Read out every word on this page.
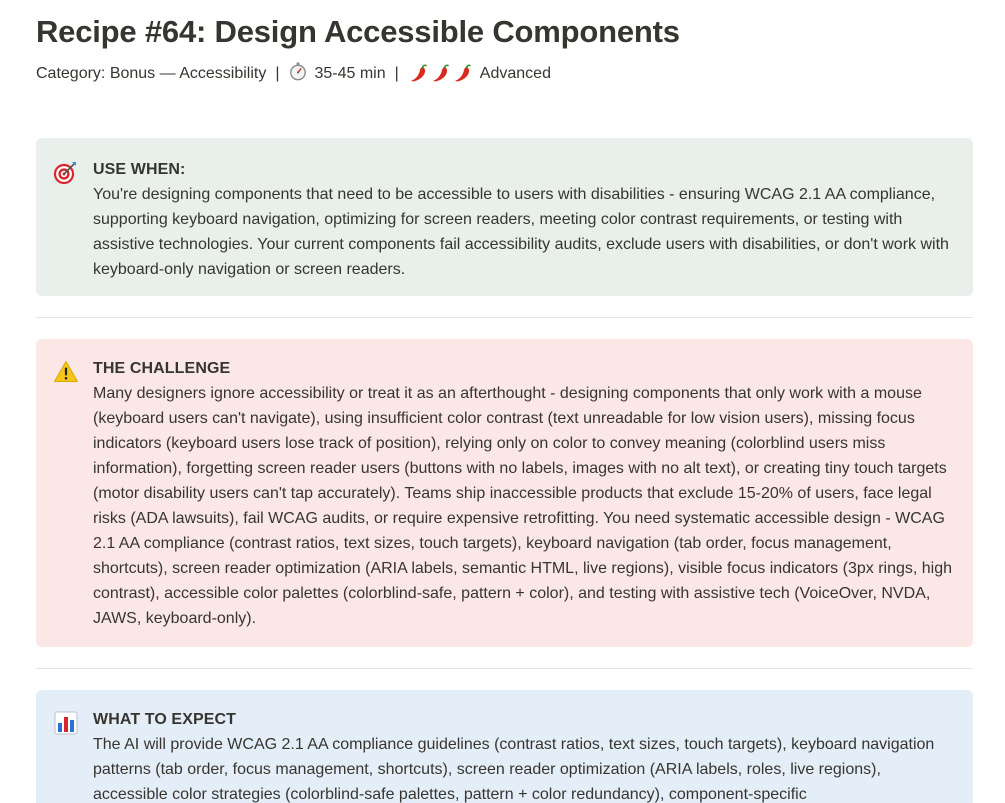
Recipe #64: Design Accessible Components
Category: Bonus — Accessibility | 35-45 min |	Advanced
USE WHEN:
You're designing components that need to be accessible to users with disabilities - ensuring WCAG 2.1 AA compliance, supporting keyboard navigation, optimizing for screen readers, meeting color contrast requirements, or testing with assistive technologies. Your current components fail accessibility audits, exclude users with disabilities, or don't work with keyboard-only navigation or screen readers.
THE CHALLENGE
Many designers ignore accessibility or treat it as an afterthought - designing components that only work with a mouse (keyboard users can't navigate), using insufficient color contrast (text unreadable for low vision users), missing focus indicators (keyboard users lose track of position), relying only on color to convey meaning (colorblind users miss information), forgetting screen reader users (buttons with no labels, images with no alt text), or creating tiny touch targets (motor disability users can't tap accurately). Teams ship inaccessible products that exclude 15-20% of users, face legal risks (ADA lawsuits), fail WCAG audits, or require expensive retrofitting. You need systematic accessible design - WCAG 2.1 AA compliance (contrast ratios, text sizes, touch targets), keyboard navigation (tab order, focus management, shortcuts), screen reader optimization (ARIA labels, semantic HTML, live regions), visible focus indicators (3px rings, high contrast), accessible color palettes (colorblind-safe, pattern + color), and testing with assistive tech (VoiceOver, NVDA, JAWS, keyboard-only).
WHAT TO EXPECT
The AI will provide WCAG 2.1 AA compliance guidelines (contrast ratios, text sizes, touch targets), keyboard navigation patterns (tab order, focus management, shortcuts), screen reader optimization (ARIA labels, roles, live regions), accessible color strategies (colorblind-safe palettes, pattern + color redundancy), component-specific
